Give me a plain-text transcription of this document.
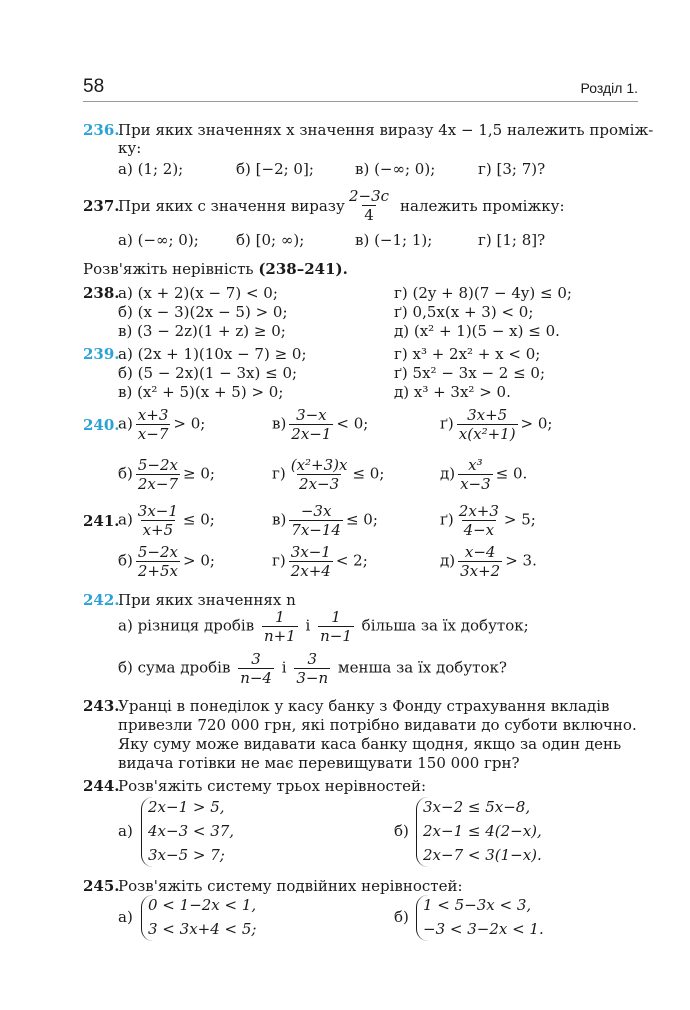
58	Розділ 1.
236.
При яких значеннях x значення виразу 4x − 1,5 належить промiж-
ку:
а) (1; 2);	б) [−2; 0];	в) (−∞; 0);	г) [3; 7)?
237.
При яких c значення виразу $\frac{2-3c}{4}$ належить промiжку:
а) (−∞; 0); б) [0; ∞);	в) (−1; 1);	г) [1; 8]?
Розв'яжiть нерiвнiсть (238–241).
238.
а) (x + 2)(x − 7) < 0;
б) (x − 3)(2x − 5) > 0;
в) (3 − 2z)(1 + z) ≥ 0;
г) (2y + 8)(7 − 4y) ≤ 0;
ґ) 0,5x(x + 3) < 0;
д) (x² + 1)(5 − x) ≤ 0.
239.
а) (2x + 1)(10x − 7) ≥ 0;
б) (5 − 2x)(1 − 3x) ≤ 0;
в) (x² + 5)(x + 5) > 0;
г) x³ + 2x² + x < 0;
ґ) 5x² − 3x − 2 ≤ 0;
д) x³ + 3x² > 0.
240.
$а) \frac{x+3}{x-7} > 0$;	$в) \frac{3-x}{2x-1} < 0$;	$ґ) \frac{3x+5}{\text{x(x²+1)}} > 0$;
$б) \frac{5-2x}{2x-7} \ge 0$;	$г) \frac{\text{(x²+3)x}}{2x-3} \le 0$;	$д) \frac{\text{x³}}{x-3} \le 0$.
241.
$а) \frac{3x-1}{x+5} \le 0$;	$в) \frac{-3x}{7x-14} \le 0$;	$ґ) \frac{2x+3}{4-x} > 5$;
$б) \frac{5-2x}{2+5x} > 0$;	$г) \frac{3x-1}{2x+4} < 2$;	$д) \frac{x-4}{3x+2} > 3$.
242.
При яких значеннях n
а) рiзниця дробiв $\frac{1}{n+1}$ i $\frac{1}{n-1}$ бiльша за їх добуток;
б) сума дробiв $\frac{3}{n-4}$ i $\frac{3}{3-n}$ менша за їх добуток?
243.
Уранцi в понедiлок у касу банку з Фонду страхування вкладiв
привезли 720 000 грн, якi потрiбно видавати до суботи включно.
Яку суму може видавати каса банку щодня, якщо за один день
видача готiвки не має перевищувати 150 000 грн?
244.
Розв'яжiть систему трьох нерiвностей:
а)
2x−1 > 5,
4x−3 < 37,
3x−5 > 7;
б)
3x−2 ≤ 5x−8,
2x−1 ≤ 4(2−x),
2x−7 < 3(1−x).
245.
Розв'яжiть систему подвiйних нерiвностей:
а)
0 < 1−2x < 1,
3 < 3x+4 < 5;
б)
1 < 5−3x < 3,
−3 < 3−2x < 1.
